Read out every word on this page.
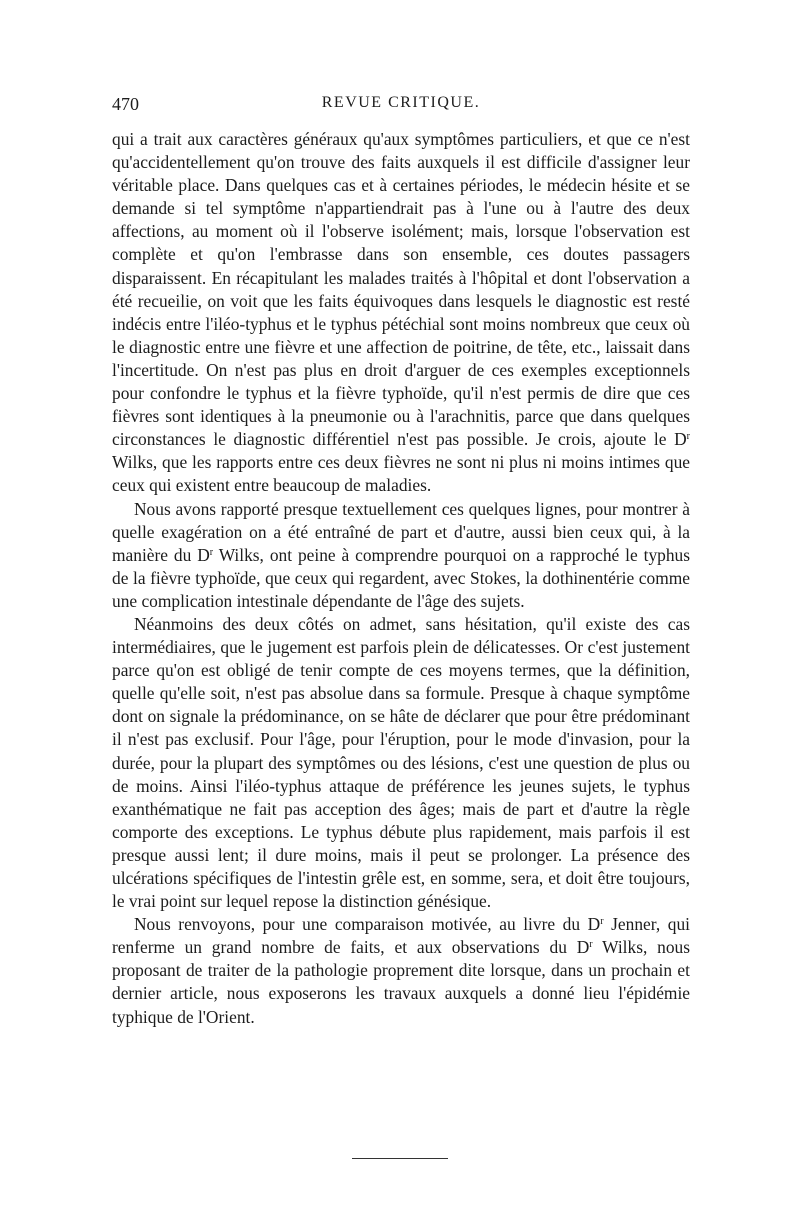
470	REVUE CRITIQUE.

qui a trait aux caractères généraux qu'aux symptômes particuliers, et que ce n'est qu'accidentellement qu'on trouve des faits auxquels il est difficile d'assigner leur véritable place. Dans quelques cas et à certaines périodes, le médecin hésite et se demande si tel symptôme n'appartiendrait pas à l'une ou à l'autre des deux affections, au moment où il l'observe isolément; mais, lorsque l'observation est complète et qu'on l'embrasse dans son ensemble, ces doutes passagers disparaissent. En récapitulant les malades traités à l'hôpital et dont l'observation a été recueilie, on voit que les faits équivoques dans lesquels le diagnostic est resté indécis entre l'iléo-typhus et le typhus pétéchial sont moins nombreux que ceux où le diagnostic entre une fièvre et une affection de poitrine, de tête, etc., laissait dans l'incertitude. On n'est pas plus en droit d'arguer de ces exemples exceptionnels pour confondre le typhus et la fièvre typhoïde, qu'il n'est permis de dire que ces fièvres sont identiques à la pneumonie ou à l'arachnitis, parce que dans quelques circonstances le diagnostic différentiel n'est pas possible. Je crois, ajoute le $D^r$ Wilks, que les rapports entre ces deux fièvres ne sont ni plus ni moins intimes que ceux qui existent entre beaucoup de maladies.

Nous avons rapporté presque textuellement ces quelques lignes, pour montrer à quelle exagération on a été entraîné de part et d'autre, aussi bien ceux qui, à la manière du $D^r$ Wilks, ont peine à comprendre pourquoi on a rapproché le typhus de la fièvre typhoïde, que ceux qui regardent, avec Stokes, la dothinentérie comme une complication intestinale dépendante de l'âge des sujets.

Néanmoins des deux côtés on admet, sans hésitation, qu'il existe des cas intermédiaires, que le jugement est parfois plein de délicatesses. Or c'est justement parce qu'on est obligé de tenir compte de ces moyens termes, que la définition, quelle qu'elle soit, n'est pas absolue dans sa formule. Presque à chaque symptôme dont on signale la prédominance, on se hâte de déclarer que pour être prédominant il n'est pas exclusif. Pour l'âge, pour l'éruption, pour le mode d'invasion, pour la durée, pour la plupart des symptômes ou des lésions, c'est une question de plus ou de moins. Ainsi l'iléo-typhus attaque de préférence les jeunes sujets, le typhus exanthématique ne fait pas acception des âges; mais de part et d'autre la règle comporte des exceptions. Le typhus débute plus rapidement, mais parfois il est presque aussi lent; il dure moins, mais il peut se prolonger. La présence des ulcérations spécifiques de l'intestin grêle est, en somme, sera, et doit être toujours, le vrai point sur lequel repose la distinction génésique.

Nous renvoyons, pour une comparaison motivée, au livre du $D^r$ Jenner, qui renferme un grand nombre de faits, et aux observations du $D^r$ Wilks, nous proposant de traiter de la pathologie proprement dite lorsque, dans un prochain et dernier article, nous exposerons les travaux auxquels a donné lieu l'épidémie typhique de l'Orient.
